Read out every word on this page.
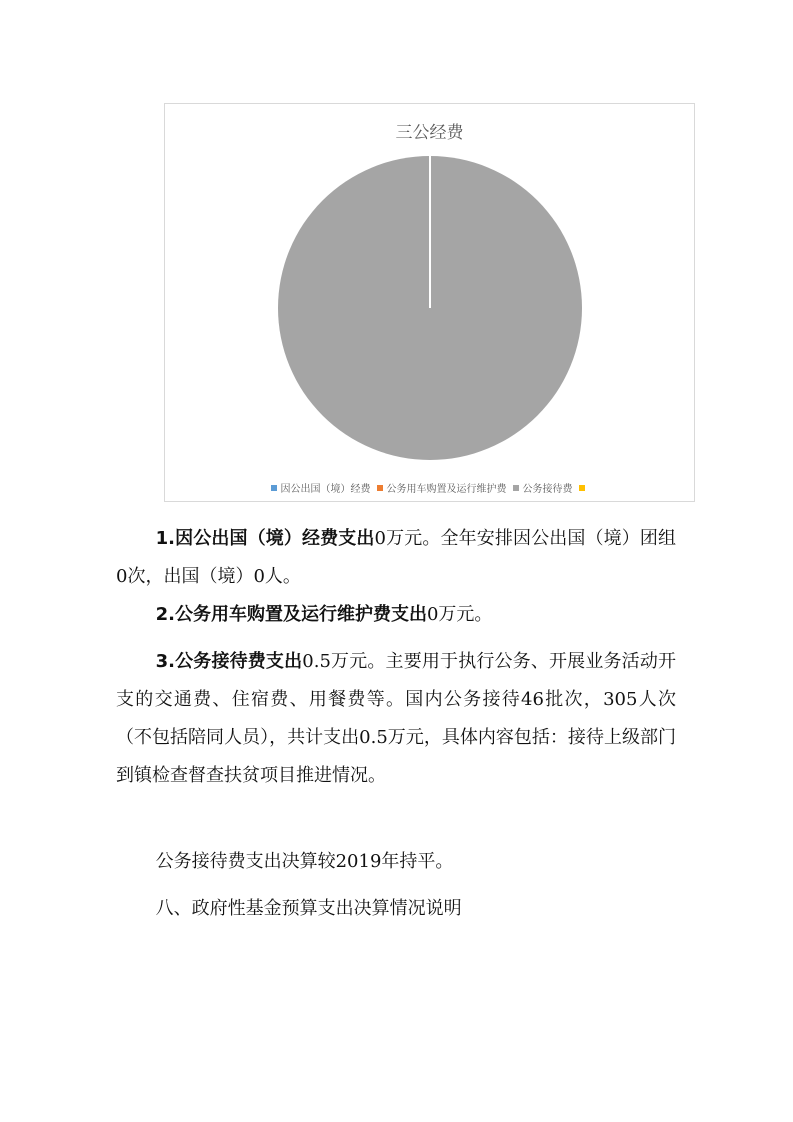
三公经费
因公出国（境）经费 公务用车购置及运行维护费 公务接待费
1.因公出国（境）经费支出0万元。全年安排因公出国（境）团组0次，出国（境）0人。
2.公务用车购置及运行维护费支出0万元。
3.公务接待费支出0.5万元。主要用于执行公务、开展业务活动开支的交通费、住宿费、用餐费等。国内公务接待46批次，305人次（不包括陪同人员），共计支出0.5万元，具体内容包括：接待上级部门到镇检查督查扶贫项目推进情况。
公务接待费支出决算较2019年持平。
八、政府性基金预算支出决算情况说明
